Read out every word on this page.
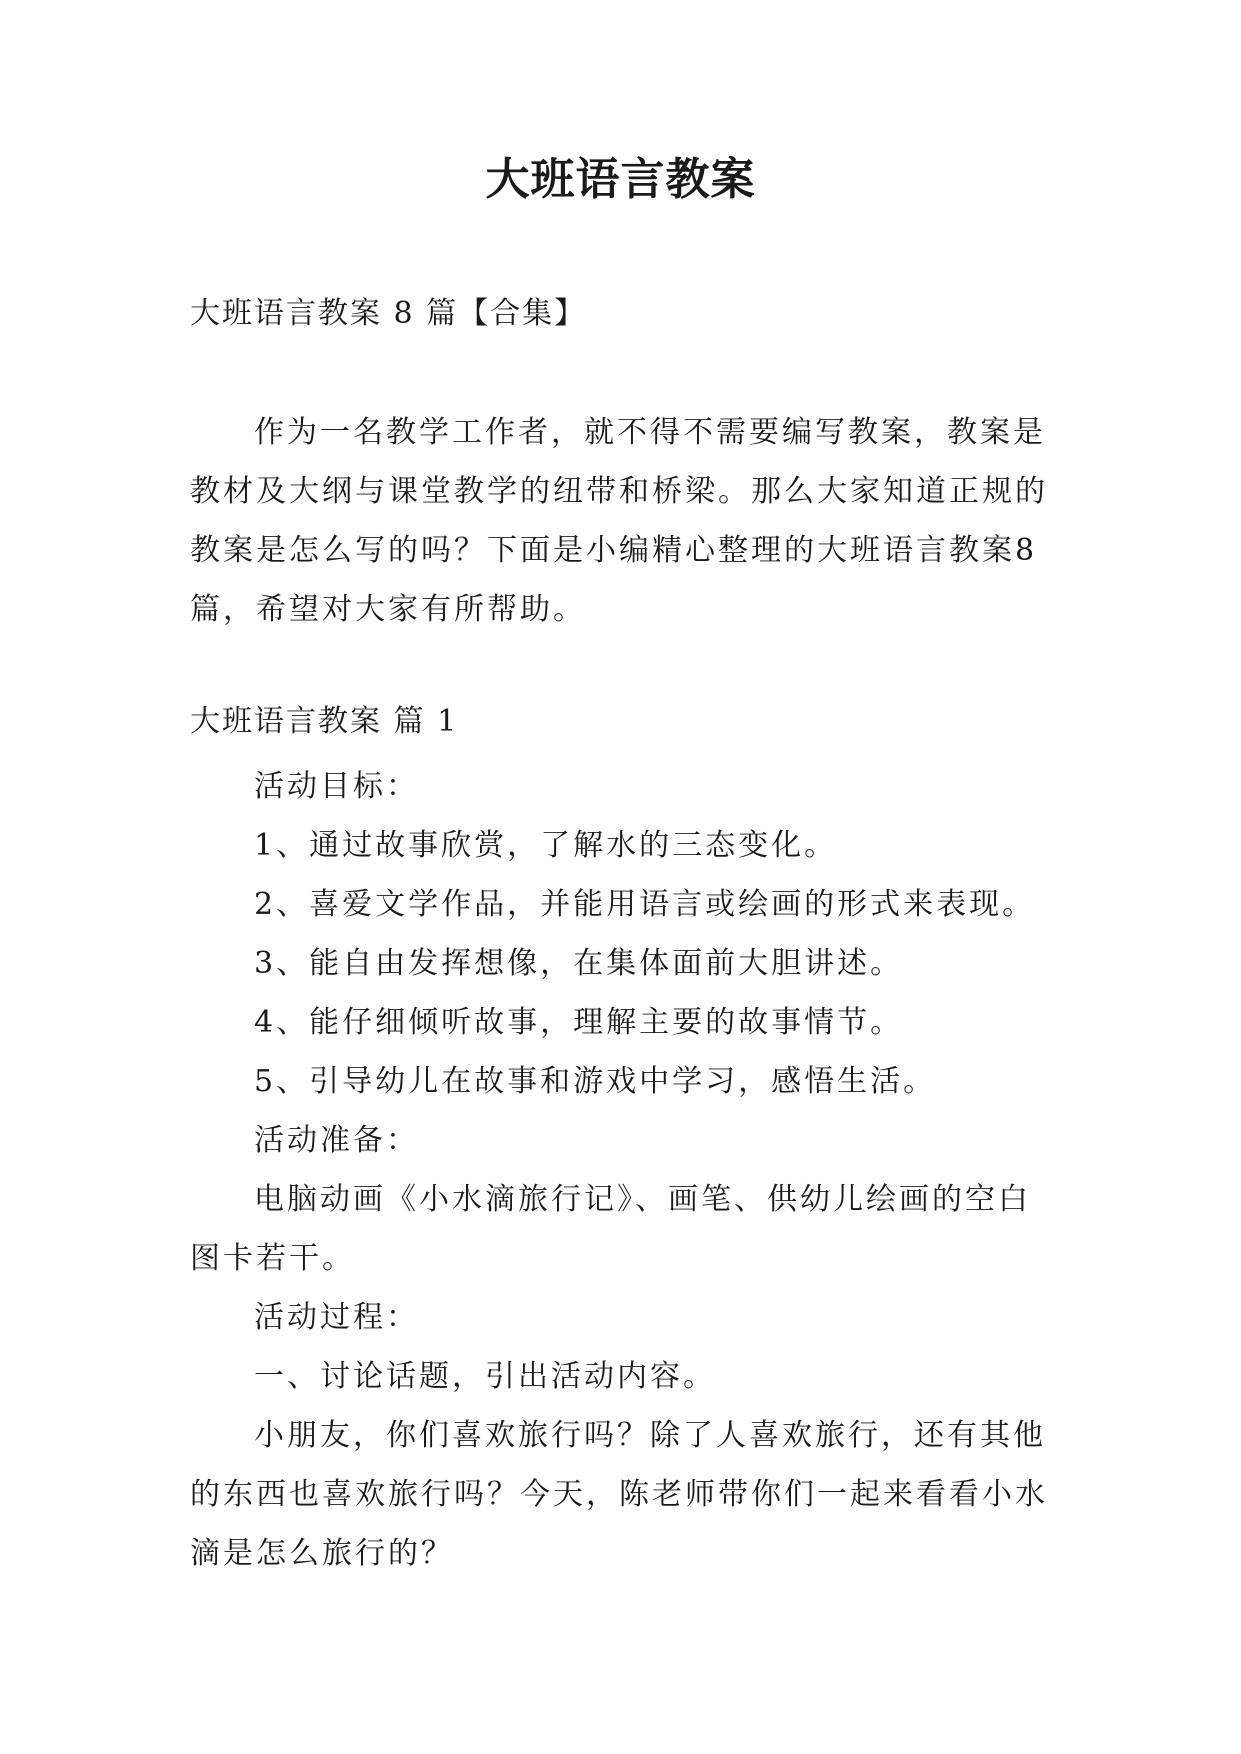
大班语言教案
大班语言教案 8 篇【合集】

作为一名教学工作者，就不得不需要编写教案，教案是教材及大纲与课堂教学的纽带和桥梁。那么大家知道正规的教案是怎么写的吗？下面是小编精心整理的大班语言教案8篇，希望对大家有所帮助。

大班语言教案 篇 1

活动目标：

1、通过故事欣赏，了解水的三态变化。

2、喜爱文学作品，并能用语言或绘画的形式来表现。

3、能自由发挥想像，在集体面前大胆讲述。

4、能仔细倾听故事，理解主要的故事情节。

5、引导幼儿在故事和游戏中学习，感悟生活。

活动准备：

电脑动画《小水滴旅行记》、画笔、供幼儿绘画的空白图卡若干。

活动过程：

一、讨论话题，引出活动内容。

小朋友，你们喜欢旅行吗？除了人喜欢旅行，还有其他的东西也喜欢旅行吗？今天，陈老师带你们一起来看看小水滴是怎么旅行的？
